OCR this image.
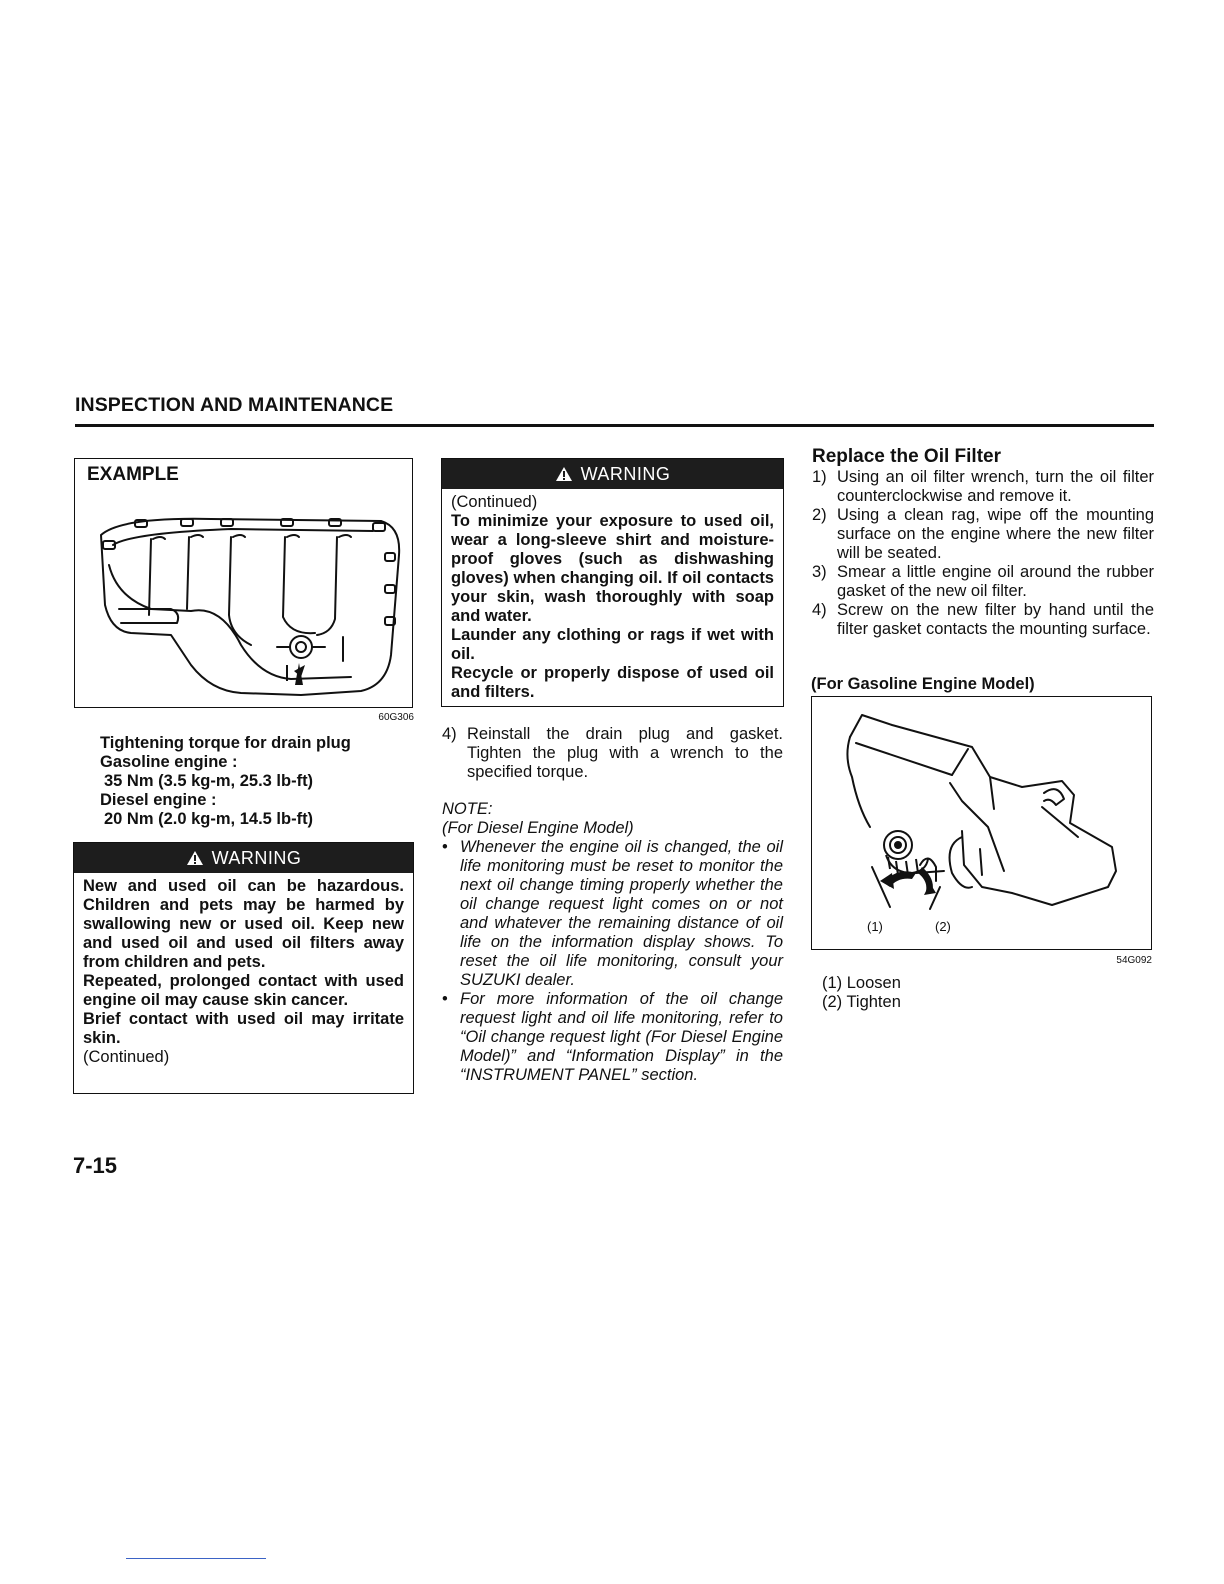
INSPECTION AND MAINTENANCE
EXAMPLE
60G306
Tightening torque for drain plug
Gasoline engine :
35 Nm (3.5 kg-m, 25.3 lb-ft)
Diesel engine :
20 Nm (2.0 kg-m, 14.5 lb-ft)
WARNING

New and used oil can be hazardous. Children and pets may be harmed by swallowing new or used oil. Keep new and used oil and used oil filters away from children and pets.

Repeated, prolonged contact with used engine oil may cause skin cancer.

Brief contact with used oil may irritate skin.

(Continued)

WARNING

(Continued)

To minimize your exposure to used oil, wear a long-sleeve shirt and moisture-proof gloves (such as dishwashing gloves) when changing oil. If oil contacts your skin, wash thoroughly with soap and water.

Launder any clothing or rags if wet with oil.

Recycle or properly dispose of used oil and filters.

4) Reinstall the drain plug and gasket. Tighten the plug with a wrench to the specified torque.
NOTE:
(For Diesel Engine Model)
• Whenever the engine oil is changed, the oil life monitoring must be reset to monitor the next oil change timing properly whether the oil change request light comes on or not and whatever the remaining distance of oil life on the information display shows. To reset the oil life monitoring, consult your SUZUKI dealer.
• For more information of the oil change request light and oil life monitoring, refer to “Oil change request light (For Diesel Engine Model)” and “Information Display” in the “INSTRUMENT PANEL” section.
Replace the Oil Filter
1) Using an oil filter wrench, turn the oil filter counterclockwise and remove it.
2) Using a clean rag, wipe off the mounting surface on the engine where the new filter will be seated.
3) Smear a little engine oil around the rubber gasket of the new oil filter.
4) Screw on the new filter by hand until the filter gasket contacts the mounting surface.
(For Gasoline Engine Model)
(1)	(2)
54G092
(1) Loosen
(2) Tighten
7-15
